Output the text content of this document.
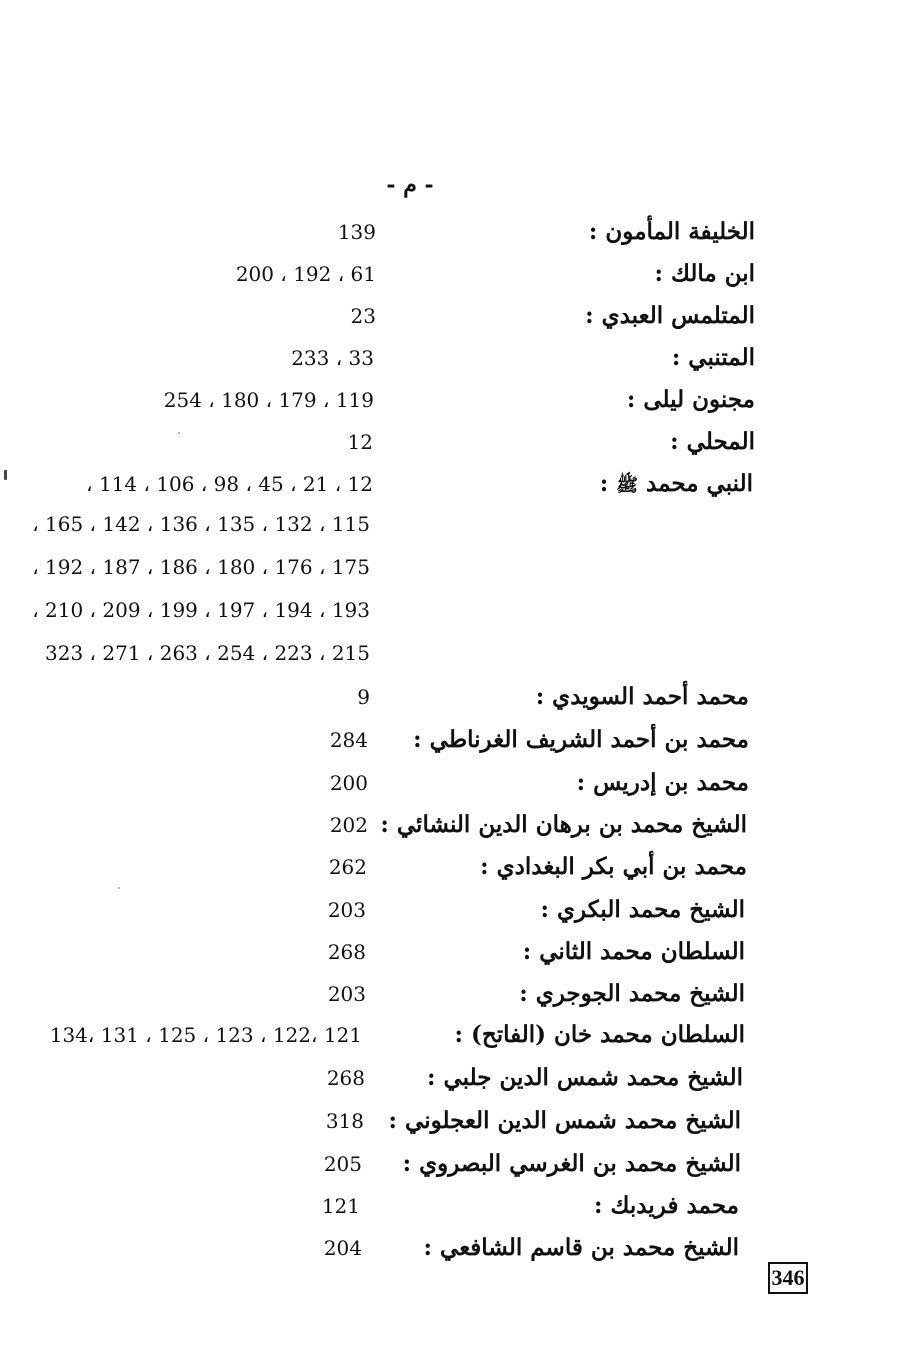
- م -
الخليفة المأمون :
139
ابن مالك :
61 ، 192 ، 200
المتلمس العبدي :
23
المتنبي :
33 ، 233
مجنون ليلى :
119 ، 179 ، 180 ، 254
المحلي :
12
النبي محمد ﷺ :
12 ، 21 ، 45 ، 98 ، 106 ، 114 ،
115 ، 132 ، 135 ، 136 ، 142 ، 165 ،
175 ، 176 ، 180 ، 186 ، 187 ، 192 ،
193 ، 194 ، 197 ، 199 ، 209 ، 210 ،
215 ، 223 ، 254 ، 263 ، 271 ، 323
محمد أحمد السويدي :
9
محمد بن أحمد الشريف الغرناطي :
284
محمد بن إدريس :
200
الشيخ محمد بن برهان الدين النشائي :
202
محمد بن أبي بكر البغدادي :
262
الشيخ محمد البكري :
203
السلطان محمد الثاني :
268
الشيخ محمد الجوجري :
203
السلطان محمد خان (الفاتح) :
121 ،122 ، 123 ، 125 ، 131 ،134
الشيخ محمد شمس الدين جلبي :
268
الشيخ محمد شمس الدين العجلوني :
318
الشيخ محمد بن الغرسي البصروي :
205
محمد فريدبك :
121
الشيخ محمد بن قاسم الشافعي :
204
346
